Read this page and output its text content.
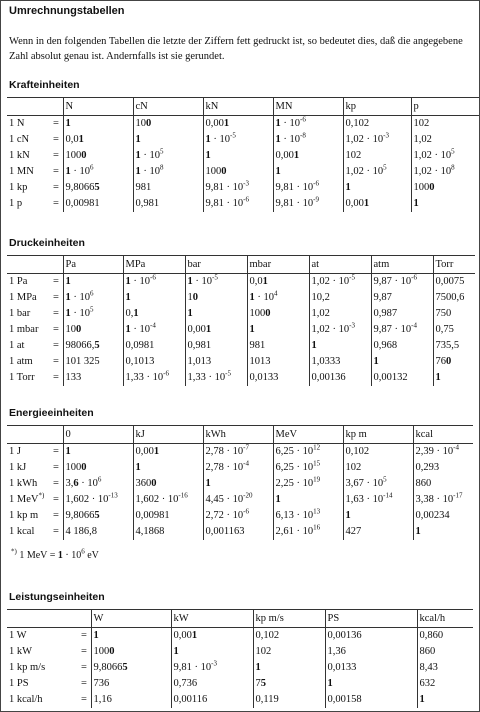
Umrechnungstabellen
Wenn in den folgenden Tabellen die letzte der Ziffern fett gedruckt ist, so bedeutet dies, daß die angegebene Zahl absolut genau ist. Andernfalls ist sie gerundet.
Krafteinheiten
		N	cN	kN	MN	kp	p
1 N	=	1	100	0,001	$1 \cdot 10^{-6}$	0,102	102
1 cN	=	0,01	1	$1 \cdot 10^{-5}$	$1 \cdot 10^{-8}$	$1,02 \cdot 10^{-3}$	1,02
1 kN	=	1000	$1 \cdot 10^5$	1	0,001	102	$1,02 \cdot 10^5$
1 MN	=	$1 \cdot 10^6$	$1 \cdot 10^8$	1000	1	$1,02 \cdot 10^5$	$1,02 \cdot 10^8$
1 kp	=	9,80665	981	$9,81 \cdot 10^{-3}$	$9,81 \cdot 10^{-6}$	1	1000
1 p	=	0,00981	0,981	$9,81 \cdot 10^{-6}$	$9,81 \cdot 10^{-9}$	0,001	1
Druckeinheiten
		Pa	MPa	bar	mbar	at	atm	Torr
1 Pa	=	1	$1 \cdot 10^{-6}$	$1 \cdot 10^{-5}$	0,01	$1,02 \cdot 10^{-5}$	$9,87 \cdot 10^{-6}$	0,0075
1 MPa	=	$1 \cdot 10^6$	1	10	$1 \cdot 10^4$	10,2	9,87	7500,6
1 bar	=	$1 \cdot 10^5$	0,1	1	1000	1,02	0,987	750
1 mbar	=	100	$1 \cdot 10^{-4}$	0,001	1	$1,02 \cdot 10^{-3}$	$9,87 \cdot 10^{-4}$	0,75
1 at	=	98066,5	0,0981	0,981	981	1	0,968	735,5
1 atm	=	101 325	0,1013	1,013	1013	1,0333	1	760
1 Torr	=	133	$1,33 \cdot 10^{-6}$	$1,33 \cdot 10^{-5}$	0,0133	0,00136	0,00132	1
Energieeinheiten
		0	kJ	kWh	MeV	kp m	kcal
1 J	=	1	0,001	$2,78 \cdot 10^{-7}$	$6,25 \cdot 10^{12}$	0,102	$2,39 \cdot 10^{-4}$
1 kJ	=	1000	1	$2,78 \cdot 10^{-4}$	$6,25 \cdot 10^{15}$	102	0,293
1 kWh	=	$3,6 \cdot 10^6$	3600	1	$2,25 \cdot 10^{19}$	$3,67 \cdot 10^5$	860
1 MeV*)	=	$1,602 \cdot 10^{-13}$	$1,602 \cdot 10^{-16}$	$4,45 \cdot 10^{-20}$	1	$1,63 \cdot 10^{-14}$	$3,38 \cdot 10^{-17}$
1 kp m	=	9,80665	0,00981	$2,72 \cdot 10^{-6}$	$6,13 \cdot 10^{13}$	1	0,00234
1 kcal	=	4 186,8	4,1868	0,001163	$2,61 \cdot 10^{16}$	427	1
*) 1 MeV = $1 \cdot 10^6$ eV
Leistungseinheiten
		W	kW	kp m/s	PS	kcal/h
1 W	=	1	0,001	0,102	0,00136	0,860
1 kW	=	1000	1	102	1,36	860
1 kp m/s	=	9,80665	$9,81 \cdot 10^{-3}$	1	0,0133	8,43
1 PS	=	736	0,736	75	1	632
1 kcal/h	=	1,16	0,00116	0,119	0,00158	1
